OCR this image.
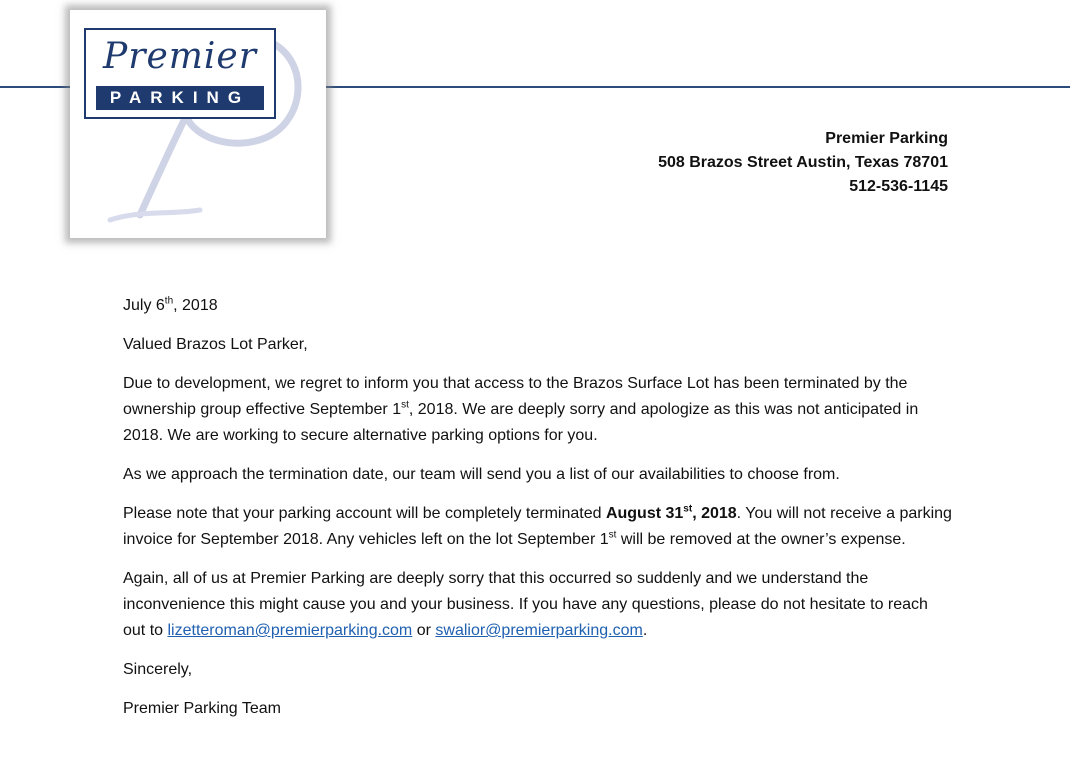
Premier
PARKING
Premier Parking
508 Brazos Street Austin, Texas 78701
512-536-1145

July 6th, 2018

Valued Brazos Lot Parker,

Due to development, we regret to inform you that access to the Brazos Surface Lot has been terminated by the ownership group effective September 1st, 2018. We are deeply sorry and apologize as this was not anticipated in 2018. We are working to secure alternative parking options for you.

As we approach the termination date, our team will send you a list of our availabilities to choose from.

Please note that your parking account will be completely terminated August 31st, 2018. You will not receive a parking invoice for September 2018. Any vehicles left on the lot September 1st will be removed at the owner’s expense.

Again, all of us at Premier Parking are deeply sorry that this occurred so suddenly and we understand the inconvenience this might cause you and your business. If you have any questions, please do not hesitate to reach out to lizetteroman@premierparking.com or swalior@premierparking.com.

Sincerely,

Premier Parking Team
